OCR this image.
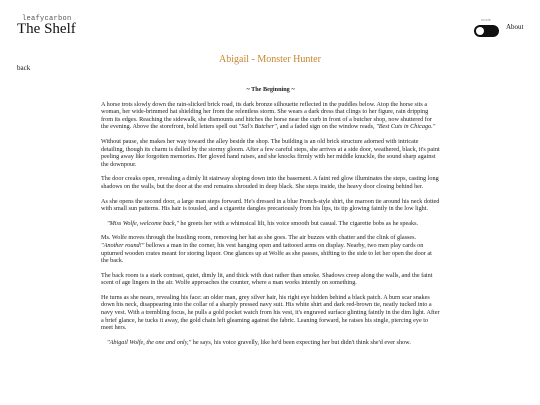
leafycarbon
The Shelf
mode
About
back
Abigail - Monster Hunter
~ The Beginning ~

A horse trots slowly down the rain-slicked brick road, its dark bronze silhouette reflected in the puddles below. Atop the horse sits a woman, her wide-brimmed hat shielding her from the relentless storm. She wears a dark dress that clings to her figure, rain dripping from its edges. Reaching the sidewalk, she dismounts and hitches the horse near the curb in front of a butcher shop, now shuttered for the evening. Above the storefront, bold letters spell out "Sal's Butcher", and a faded sign on the window reads, "Best Cuts in Chicago."

Without pause, she makes her way toward the alley beside the shop. The building is an old brick structure adorned with intricate detailing, though its charm is dulled by the stormy gloom. After a few careful steps, she arrives at a side door, weathered, black, it's paint peeling away like forgotten memories. Her gloved hand raises, and she knocks firmly with her middle knuckle, the sound sharp against the downpour.

The door creaks open, revealing a dimly lit stairway sloping down into the basement. A faint red glow illuminates the steps, casting long shadows on the walls, but the door at the end remains shrouded in deep black. She steps inside, the heavy door closing behind her.

As she opens the second door, a large man steps forward. He's dressed in a blue French-style shirt, the maroon tie around his neck dotted with small sun patterns. His hair is tousled, and a cigarette dangles precariously from his lips, its tip glowing faintly in the low light.

"Miss Wolfe, welcome back," he greets her with a whimsical lilt, his voice smooth but casual. The cigarette bobs as he speaks.

Ms. Wolfe moves through the bustling room, removing her hat as she goes. The air buzzes with chatter and the clink of glasses. "Another round!" bellows a man in the corner, his vest hanging open and tattooed arms on display. Nearby, two men play cards on upturned wooden crates meant for storing liquor. One glances up at Wolfe as she passes, shifting to the side to let her open the door at the back.

The back room is a stark contrast, quiet, dimly lit, and thick with dust rather than smoke. Shadows creep along the walls, and the faint scent of age lingers in the air. Wolfe approaches the counter, where a man works intently on something.

He turns as she nears, revealing his face: an older man, grey silver hair, his right eye hidden behind a black patch. A burn scar snakes down his neck, disappearing into the collar of a sharply pressed navy suit. His white shirt and dark red-brown tie, neatly tucked into a navy vest. With a trembling focus, he pulls a gold pocket watch from his vest, it's engraved surface glinting faintly in the dim light. After a brief glance, he tucks it away, the gold chain left gleaming against the fabric. Leaning forward, he raises his single, piercing eye to meet hers.

"Abigail Wolfe, the one and only," he says, his voice gravelly, like he'd been expecting her but didn't think she'd ever show.
